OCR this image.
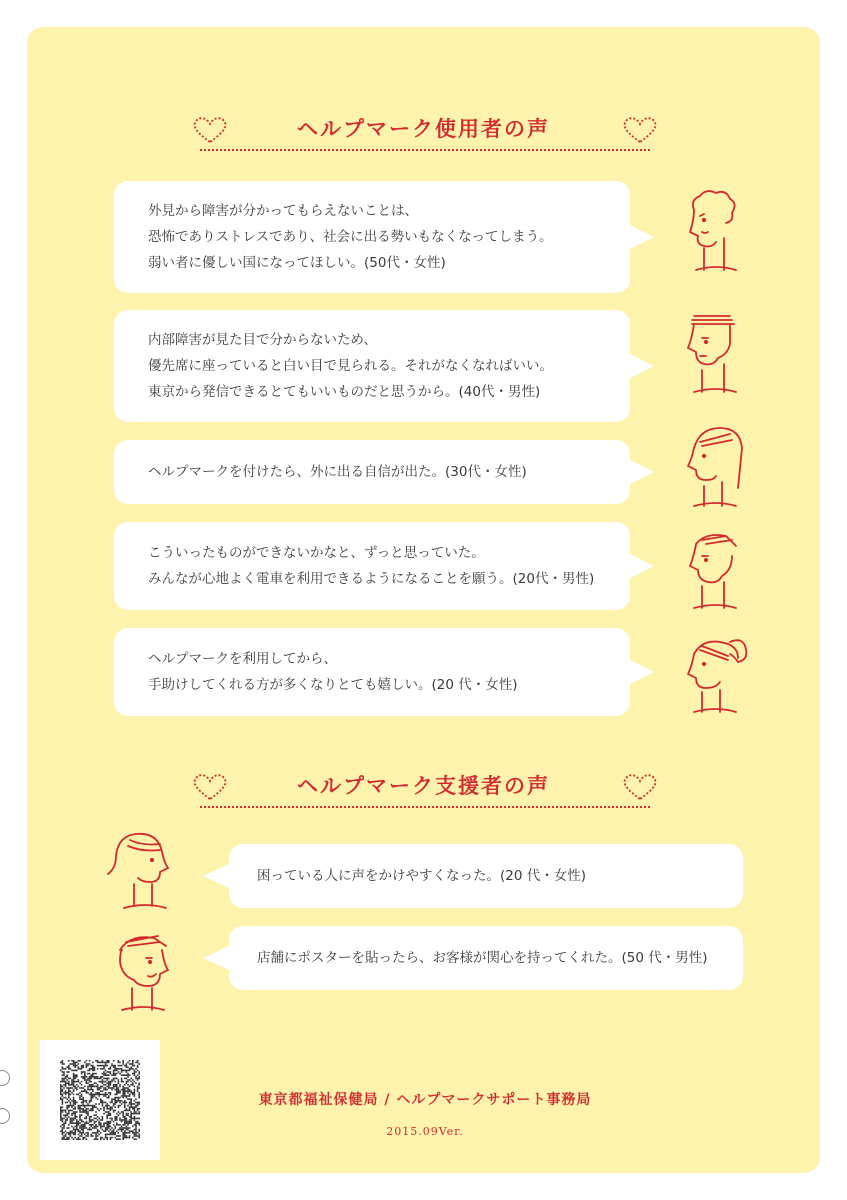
ヘルプマーク使用者の声
外見から障害が分かってもらえないことは、
恐怖でありストレスであり、社会に出る勢いもなくなってしまう。
弱い者に優しい国になってほしい。(50代・女性)
内部障害が見た目で分からないため、
優先席に座っていると白い目で見られる。それがなくなればいい。
東京から発信できるとてもいいものだと思うから。(40代・男性)
ヘルプマークを付けたら、外に出る自信が出た。(30代・女性)
こういったものができないかなと、ずっと思っていた。
みんなが心地よく電車を利用できるようになることを願う。(20代・男性)
ヘルプマークを利用してから、
手助けしてくれる方が多くなりとても嬉しい。(20 代・女性)
ヘルプマーク支援者の声
困っている人に声をかけやすくなった。(20 代・女性)
店舗にポスターを貼ったら、お客様が関心を持ってくれた。(50 代・男性)
東京都福祉保健局 / ヘルプマークサポート事務局
2015.09Ver.
